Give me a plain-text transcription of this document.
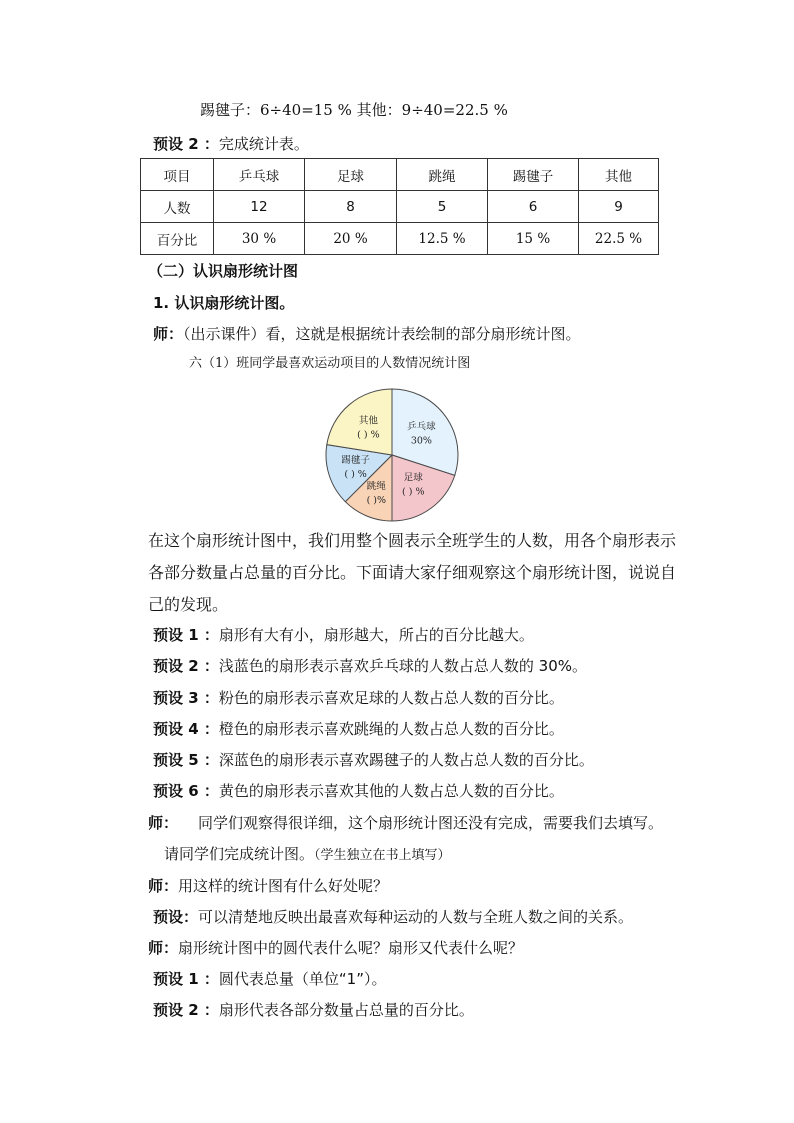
踢毽子：6÷40=15 % 其他：9÷40=22.5 %
预设 2 ：完成统计表。
项目	乒乓球	足球	跳绳	踢毽子	其他
人数	12	8	5	6	9
百分比	30 %	20 %	12.5 %	15 %	22.5 %
（二）认识扇形统计图
1. 认识扇形统计图。
师：（出示课件）看，这就是根据统计表绘制的部分扇形统计图。
六（1）班同学最喜欢运动项目的人数情况统计图
乒乓球
30%
足球
( ) %
跳绳
( )%
踢毽子
( ) %
其他
( ) %
在这个扇形统计图中，我们用整个圆表示全班学生的人数，用各个扇形表示
各部分数量占总量的百分比。下面请大家仔细观察这个扇形统计图，说说自
己的发现。
预设 1 ：扇形有大有小，扇形越大，所占的百分比越大。
预设 2 ：浅蓝色的扇形表示喜欢乒乓球的人数占总人数的 30%。
预设 3 ：粉色的扇形表示喜欢足球的人数占总人数的百分比。
预设 4 ：橙色的扇形表示喜欢跳绳的人数占总人数的百分比。
预设 5 ：深蓝色的扇形表示喜欢踢毽子的人数占总人数的百分比。
预设 6 ：黄色的扇形表示喜欢其他的人数占总人数的百分比。
师： 同学们观察得很详细，这个扇形统计图还没有完成，需要我们去填写。
请同学们完成统计图。（学生独立在书上填写）
师：用这样的统计图有什么好处呢？
预设：可以清楚地反映出最喜欢每种运动的人数与全班人数之间的关系。
师：扇形统计图中的圆代表什么呢？扇形又代表什么呢？
预设 1 ：圆代表总量（单位“1”）。
预设 2 ：扇形代表各部分数量占总量的百分比。
